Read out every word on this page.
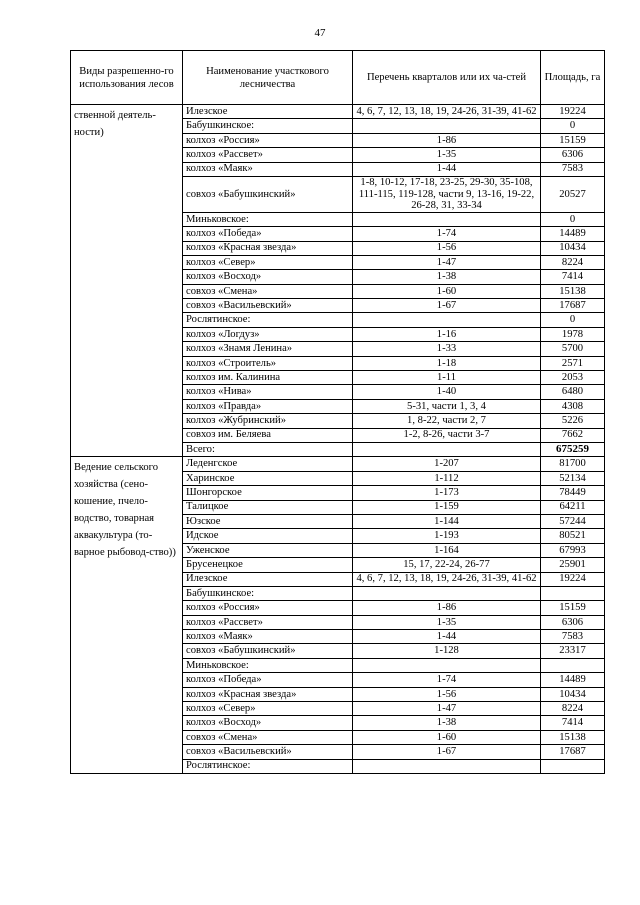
47
Виды разрешенно-го использования лесов	Наименование участкового лесничества	Перечень кварталов или их ча-стей	Площадь, га
ственной деятель-ности)	Илезское	4, 6, 7, 12, 13, 18, 19, 24-26, 31-39, 41-62	19224
	Бабушкинское:		0
	колхоз «Россия»	1-86	15159
	колхоз «Рассвет»	1-35	6306
	колхоз «Маяк»	1-44	7583
	совхоз «Бабушкинский»	1-8, 10-12, 17-18, 23-25, 29-30, 35-108, 111-115, 119-128, части 9, 13-16, 19-22, 26-28, 31, 33-34	20527
	Миньковское:		0
	колхоз «Победа»	1-74	14489
	колхоз «Красная звезда»	1-56	10434
	колхоз «Север»	1-47	8224
	колхоз «Восход»	1-38	7414
	совхоз «Смена»	1-60	15138
	совхоз «Васильевский»	1-67	17687
	Рослятинское:		0
	колхоз «Логдуз»	1-16	1978
	колхоз «Знамя Ленина»	1-33	5700
	колхоз «Строитель»	1-18	2571
	колхоз им. Калинина	1-11	2053
	колхоз «Нива»	1-40	6480
	колхоз «Правда»	5-31, части 1, 3, 4	4308
	колхоз «Жубринский»	1, 8-22, части 2, 7	5226
	совхоз им. Беляева	1-2, 8-26, части 3-7	7662
	Всего:		675259
Ведение сельского хозяйства (сено-кошение, пчело-водство, товарная аквакультура (то-варное рыбовод-ство))	Леденгское	1-207	81700
	Харинское	1-112	52134
	Шонгорское	1-173	78449
	Талицкое	1-159	64211
	Юзское	1-144	57244
	Идское	1-193	80521
	Уженское	1-164	67993
	Брусенецкое	15, 17, 22-24, 26-77	25901
	Илезское	4, 6, 7, 12, 13, 18, 19, 24-26, 31-39, 41-62	19224
	Бабушкинское:		
	колхоз «Россия»	1-86	15159
	колхоз «Рассвет»	1-35	6306
	колхоз «Маяк»	1-44	7583
	совхоз «Бабушкинский»	1-128	23317
	Миньковское:		
	колхоз «Победа»	1-74	14489
	колхоз «Красная звезда»	1-56	10434
	колхоз «Север»	1-47	8224
	колхоз «Восход»	1-38	7414
	совхоз «Смена»	1-60	15138
	совхоз «Васильевский»	1-67	17687
	Рослятинское:		
